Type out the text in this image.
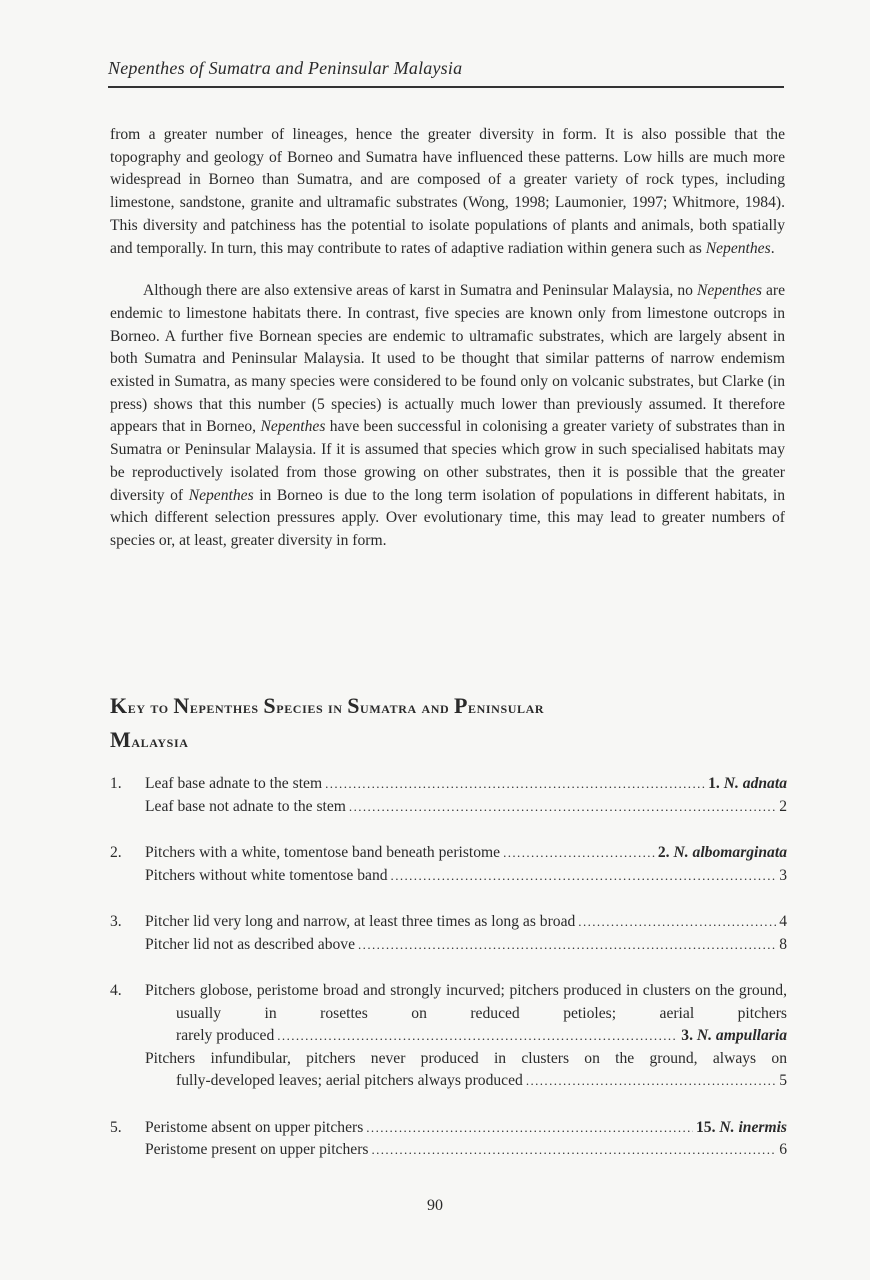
Nepenthes of Sumatra and Peninsular Malaysia

from a greater number of lineages, hence the greater diversity in form. It is also possible that the topography and geology of Borneo and Sumatra have influenced these patterns. Low hills are much more widespread in Borneo than Sumatra, and are composed of a greater variety of rock types, including limestone, sandstone, granite and ultramafic substrates (Wong, 1998; Laumonier, 1997; Whitmore, 1984). This diversity and patchiness has the potential to isolate populations of plants and animals, both spatially and temporally. In turn, this may contribute to rates of adaptive radiation within genera such as Nepenthes.

Although there are also extensive areas of karst in Sumatra and Peninsular Malaysia, no Nepenthes are endemic to limestone habitats there. In contrast, five species are known only from limestone outcrops in Borneo. A further five Bornean species are endemic to ultramafic substrates, which are largely absent in both Sumatra and Peninsular Malaysia. It used to be thought that similar patterns of narrow endemism existed in Sumatra, as many species were considered to be found only on volcanic substrates, but Clarke (in press) shows that this number (5 species) is actually much lower than previously assumed. It therefore appears that in Borneo, Nepenthes have been successful in colonising a greater variety of substrates than in Sumatra or Peninsular Malaysia. If it is assumed that species which grow in such specialised habitats may be reproductively isolated from those growing on other substrates, then it is possible that the greater diversity of Nepenthes in Borneo is due to the long term isolation of populations in different habitats, in which different selection pressures apply. Over evolutionary time, this may lead to greater numbers of species or, at least, greater diversity in form.

Key to Nepenthes Species in Sumatra and Peninsular
Malaysia
1.	Leaf base adnate to the stem .....	1. N. adnata
Leaf base not adnate to the stem .....	2
2.	Pitchers with a white, tomentose band beneath peristome .....	2. N. albomarginata
Pitchers without white tomentose band .....	3
3.	Pitcher lid very long and narrow, at least three times as long as broad .....	4
Pitcher lid not as described above .....	8
4.	Pitchers globose, peristome broad and strongly incurved; pitchers produced in clusters on the ground, usually in rosettes on reduced petioles; aerial pitchers
rarely produced .....	3. N. ampullaria
Pitchers infundibular, pitchers never produced in clusters on the ground, always on
fully-developed leaves; aerial pitchers always produced .....	5
5.	Peristome absent on upper pitchers .....	15. N. inermis
Peristome present on upper pitchers .....	6
90
